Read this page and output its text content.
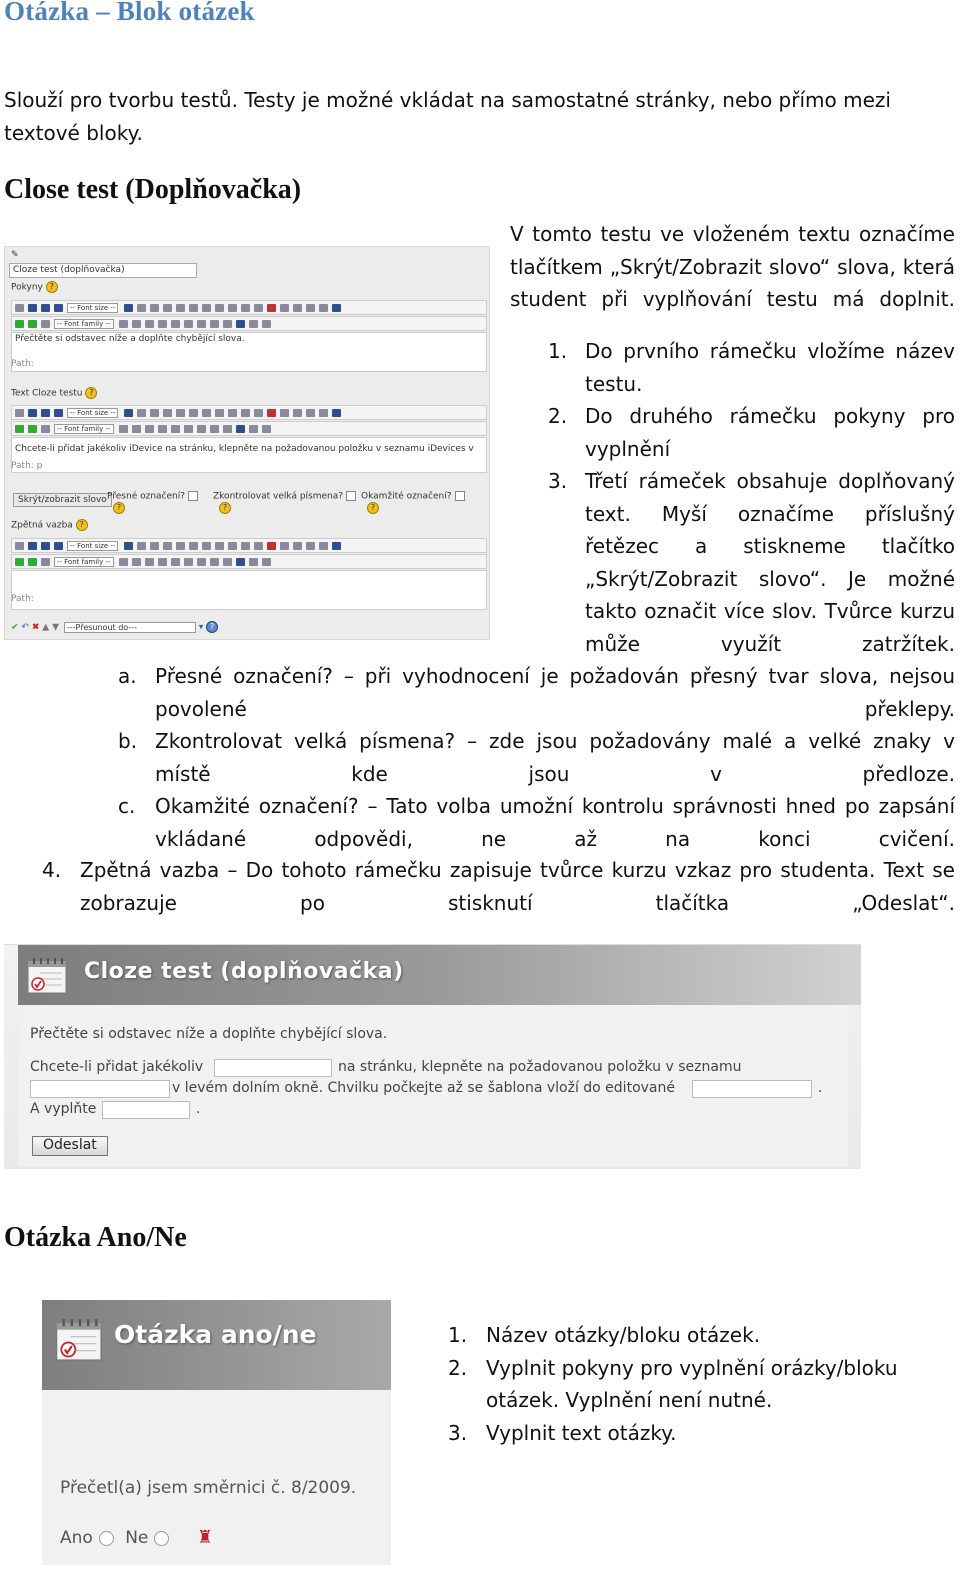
Otázka – Blok otázek
Slouží pro tvorbu testů. Testy je možné vkládat na samostatné stránky, nebo přímo mezi textové bloky.
Close test (Doplňovačka)
✎
Cloze test (doplňovačka)
Pokyny ?
-- Font size --
-- Font family --
Přečtěte si odstavec níže a doplňte chybějící slova.
Path:
Text Cloze testu ?
-- Font size --
-- Font family --
Chcete-li přidat jakékoliv iDevice na stránku, klepněte na požadovanou položku v seznamu iDevices v
Path: p
Skrýt/zobrazit slovo Přesné označení?
?
Zkontrolovat velká písmena?
?
Okamžité označení?
?
Zpětná vazba ?
-- Font size --
-- Font family --
Path:
✔ ↶ ✖ ▲ ▼ ---Přesunout do---	▾ ?
V tomto testu ve vloženém textu označíme tlačítkem „Skrýt/Zobrazit slovo“ slova, která student při vyplňování testu má doplnit.
1. Do prvního rámečku vložíme název testu.
2. Do druhého rámečku pokyny pro vyplnění
3. Třetí rámeček obsahuje doplňovaný text. Myší označíme příslušný řetězec a stiskneme tlačítko „Skrýt/Zobrazit slovo“. Je možné takto označit více slov. Tvůrce kurzu může využít zatržítek.
a. Přesné označení? – při vyhodnocení je požadován přesný tvar slova, nejsou povolené překlepy.
b. Zkontrolovat velká písmena? – zde jsou požadovány malé a velké znaky v místě kde jsou v předloze.
c. Okamžité označení? – Tato volba umožní kontrolu správnosti hned po zapsání vkládané odpovědi, ne až na konci cvičení.
4. Zpětná vazba – Do tohoto rámečku zapisuje tvůrce kurzu vzkaz pro studenta. Text se zobrazuje po stisknutí tlačítka „Odeslat“.
Cloze test (doplňovačka)
Přečtěte si odstavec níže a doplňte chybějící slova.
Chcete-li přidat jakékoliv	na stránku, klepněte na požadovanou položku v seznamu
v levém dolním okně. Chvilku počkejte až se šablona vloží do editované	.
A vyplňte	.
Odeslat
Otázka Ano/Ne
Otázka ano/ne
Přečetl(a) jsem směrnici č. 8/2009.
Ano Ne	♜
1. Název otázky/bloku otázek.
2. Vyplnit pokyny pro vyplnění orázky/bloku otázek. Vyplnění není nutné.
3. Vyplnit text otázky.
